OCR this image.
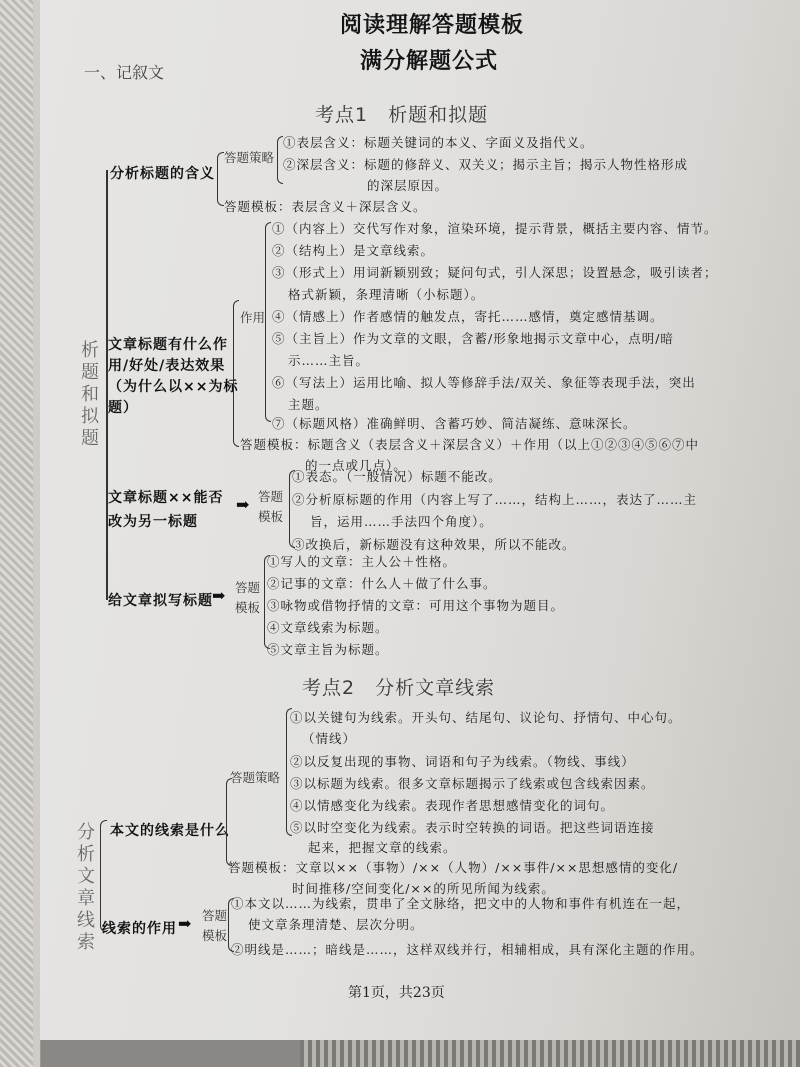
阅读理解答题模板
满分解题公式
一、记叙文
考点1　析题和拟题
析题和拟题
分析标题的含义
答题策略
①表层含义：标题关键词的本义、字面义及指代义。
②深层含义：标题的修辞义、双关义；揭示主旨；揭示人物性格形成
的深层原因。
答题模板：表层含义＋深层含义。
文章标题有什么作
用/好处/表达效果
（为什么以××为标
题）
作用
①（内容上）交代写作对象，渲染环境，提示背景，概括主要内容、情节。
②（结构上）是文章线索。
③（形式上）用词新颖别致；疑问句式，引人深思；设置悬念，吸引读者；
格式新颖，条理清晰（小标题）。
④（情感上）作者感情的触发点，寄托……感情，奠定感情基调。
⑤（主旨上）作为文章的文眼，含蓄/形象地揭示文章中心，点明/暗
示……主旨。
⑥（写法上）运用比喻、拟人等修辞手法/双关、象征等表现手法，突出
主题。
⑦（标题风格）准确鲜明、含蓄巧妙、简洁凝练、意味深长。
答题模板：标题含义（表层含义＋深层含义）＋作用（以上①②③④⑤⑥⑦中
的一点或几点）。
文章标题××能否
改为另一标题
➡ 答题
模板
①表态。（一般情况）标题不能改。
②分析原标题的作用（内容上写了……，结构上……，表达了……主
旨，运用……手法四个角度）。
③改换后，新标题没有这种效果，所以不能改。
给文章拟写标题 ➡ 答题
模板
①写人的文章：主人公＋性格。
②记事的文章：什么人＋做了什么事。
③咏物或借物抒情的文章：可用这个事物为题目。
④文章线索为标题。
⑤文章主旨为标题。
考点2　分析文章线索
分析文章线索
本文的线索是什么
答题策略
①以关键句为线索。开头句、结尾句、议论句、抒情句、中心句。
（情线）
②以反复出现的事物、词语和句子为线索。（物线、事线）
③以标题为线索。很多文章标题揭示了线索或包含线索因素。
④以情感变化为线索。表现作者思想感情变化的词句。
⑤以时空变化为线索。表示时空转换的词语。把这些词语连接
起来，把握文章的线索。
答题模板：文章以××（事物）/××（人物）/××事件/××思想感情的变化/
时间推移/空间变化/××的所见所闻为线索。
线索的作用 ➡ 答题
模板
①本文以……为线索，贯串了全文脉络，把文中的人物和事件有机连在一起，
使文章条理清楚、层次分明。
②明线是……；暗线是……，这样双线并行，相辅相成，具有深化主题的作用。
第1页，共23页
